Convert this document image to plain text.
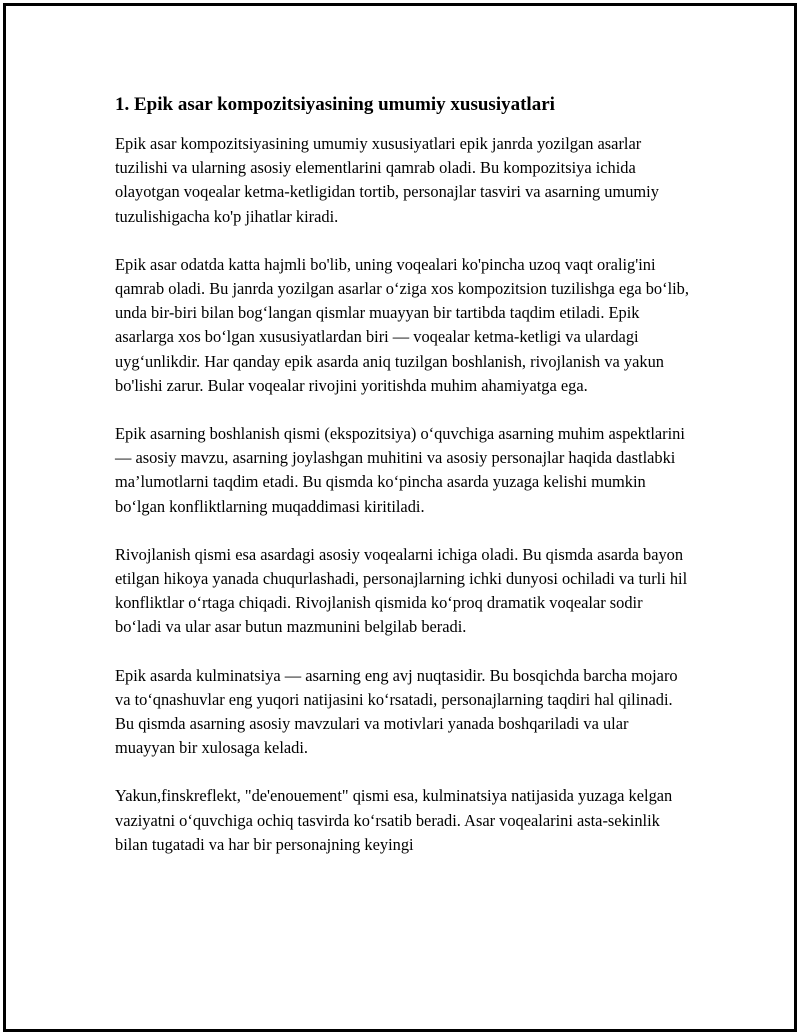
1. Epik asar kompozitsiyasining umumiy xususiyatlari

Epik asar kompozitsiyasining umumiy xususiyatlari epik janrda yozilgan asarlar tuzilishi va ularning asosiy elementlarini qamrab oladi. Bu kompozitsiya ichida olayotgan voqealar ketma-ketligidan tortib, personajlar tasviri va asarning umumiy tuzulishigacha ko'p jihatlar kiradi.

Epik asar odatda katta hajmli bo'lib, uning voqealari ko'pincha uzoq vaqt oralig'ini qamrab oladi. Bu janrda yozilgan asarlar o‘ziga xos kompozitsion tuzilishga ega bo‘lib, unda bir-biri bilan bog‘langan qismlar muayyan bir tartibda taqdim etiladi. Epik asarlarga xos bo‘lgan xususiyatlardan biri — voqealar ketma-ketligi va ulardagi uyg‘unlikdir. Har qanday epik asarda aniq tuzilgan boshlanish, rivojlanish va yakun bo'lishi zarur. Bular voqealar rivojini yoritishda muhim ahamiyatga ega.

Epik asarning boshlanish qismi (ekspozitsiya) o‘quvchiga asarning muhim aspektlarini — asosiy mavzu, asarning joylashgan muhitini va asosiy personajlar haqida dastlabki ma’lumotlarni taqdim etadi. Bu qismda ko‘pincha asarda yuzaga kelishi mumkin bo‘lgan konfliktlarning muqaddimasi kiritiladi.

Rivojlanish qismi esa asardagi asosiy voqealarni ichiga oladi. Bu qismda asarda bayon etilgan hikoya yanada chuqurlashadi, personajlarning ichki dunyosi ochiladi va turli hil konfliktlar o‘rtaga chiqadi. Rivojlanish qismida ko‘proq dramatik voqealar sodir bo‘ladi va ular asar butun mazmunini belgilab beradi.

Epik asarda kulminatsiya — asarning eng avj nuqtasidir. Bu bosqichda barcha mojaro va to‘qnashuvlar eng yuqori natijasini ko‘rsatadi, personajlarning taqdiri hal qilinadi. Bu qismda asarning asosiy mavzulari va motivlari yanada boshqariladi va ular muayyan bir xulosaga keladi.

Yakun,finskreflekt, "de'enouement" qismi esa, kulminatsiya natijasida yuzaga kelgan vaziyatni o‘quvchiga ochiq tasvirda ko‘rsatib beradi. Asar voqealarini asta-sekinlik bilan tugatadi va har bir personajning keyingi
